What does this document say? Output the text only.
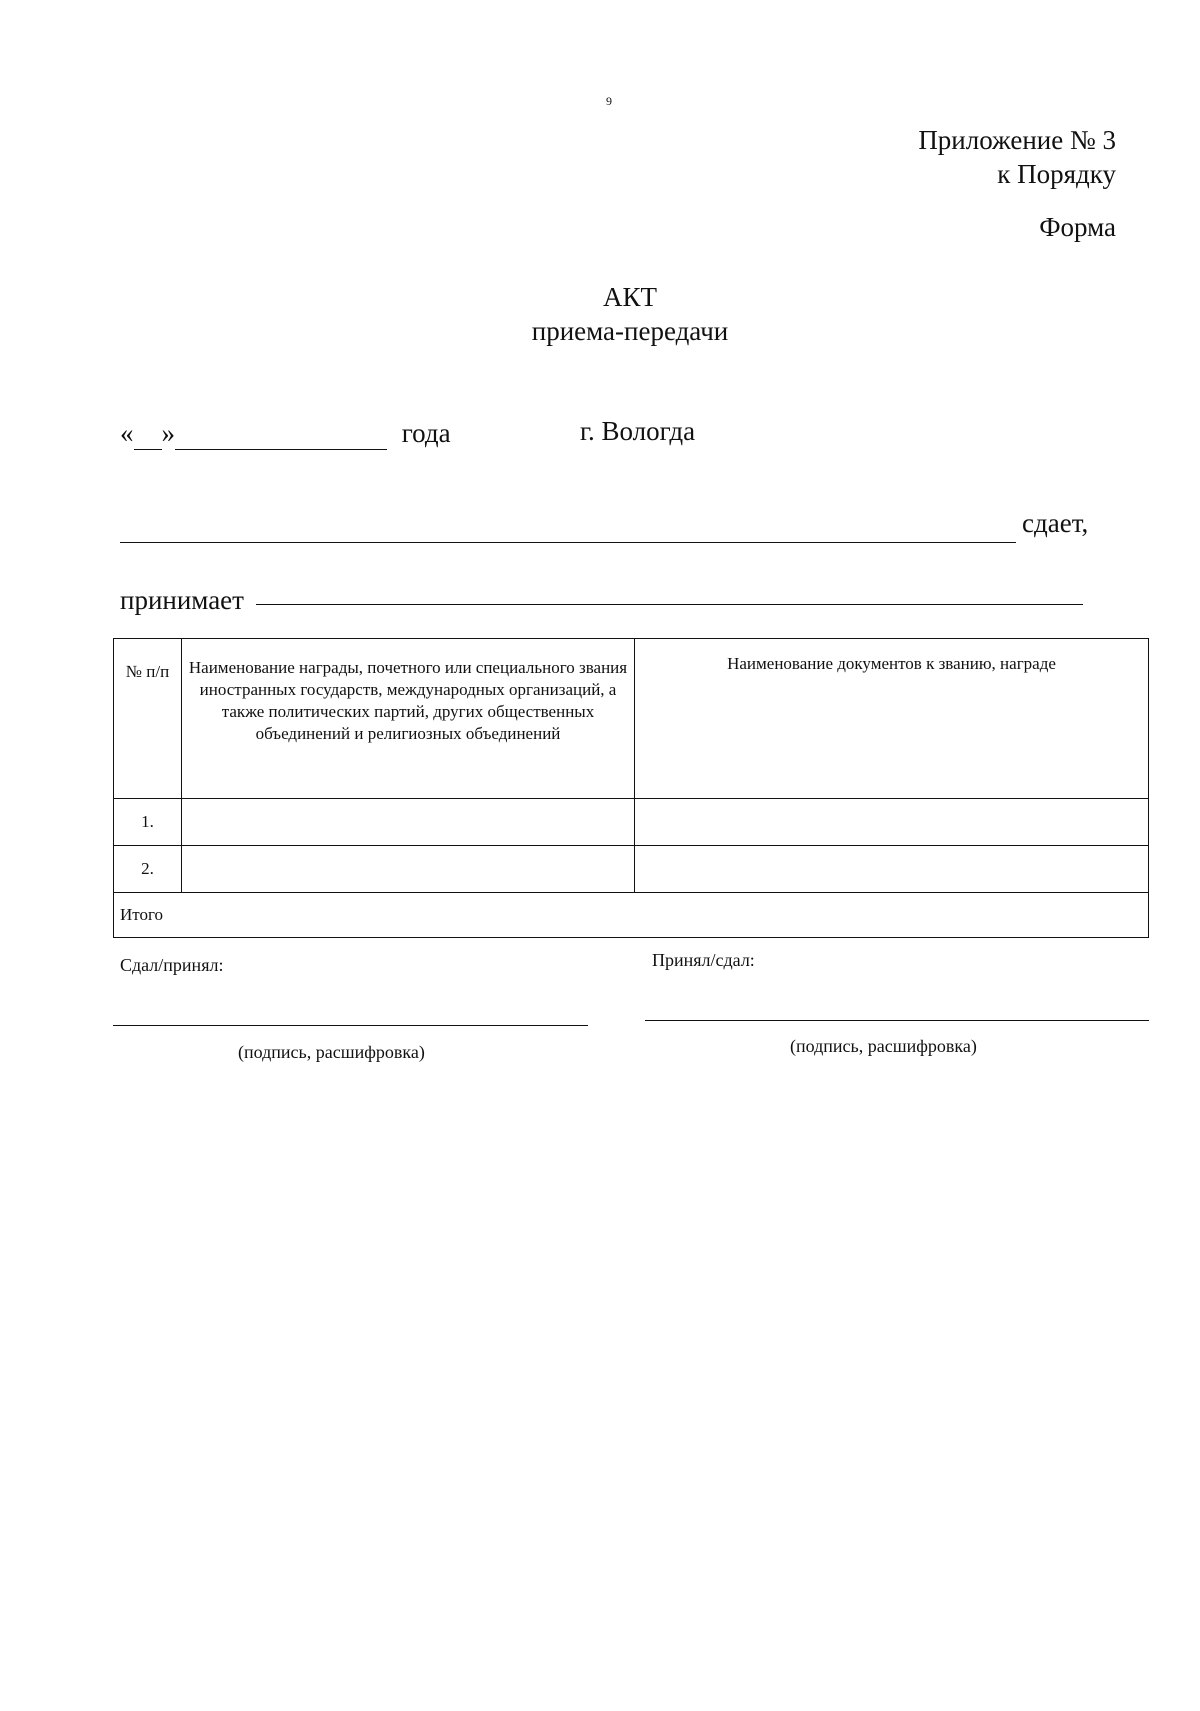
9
Приложение № 3
к Порядку
Форма
АКТ
приема-передачи
« »	года	г. Вологда
сдает,
принимает
№ п/п	Наименование награды, почетного или специального звания иностранных государств, международных организаций, а также политических партий, других общественных объединений и религиозных объединений	Наименование документов к званию, награде
1.		
2.		
Итого		
Сдал/принял:	Принял/сдал:
(подпись, расшифровка)	(подпись, расшифровка)
